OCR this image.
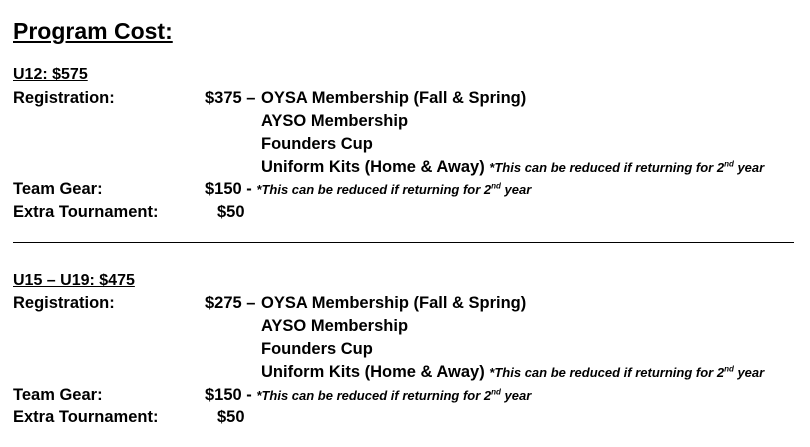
Program Cost:
U12: $575
Registration:	$375 – OYSA Membership (Fall & Spring)
AYSO Membership
Founders Cup
Uniform Kits (Home & Away) *This can be reduced if returning for 2nd year
Team Gear:	$150 - *This can be reduced if returning for 2nd year
Extra Tournament:	$50
U15 – U19: $475
Registration:	$275 – OYSA Membership (Fall & Spring)
AYSO Membership
Founders Cup
Uniform Kits (Home & Away) *This can be reduced if returning for 2nd year
Team Gear:	$150 - *This can be reduced if returning for 2nd year
Extra Tournament:	$50
